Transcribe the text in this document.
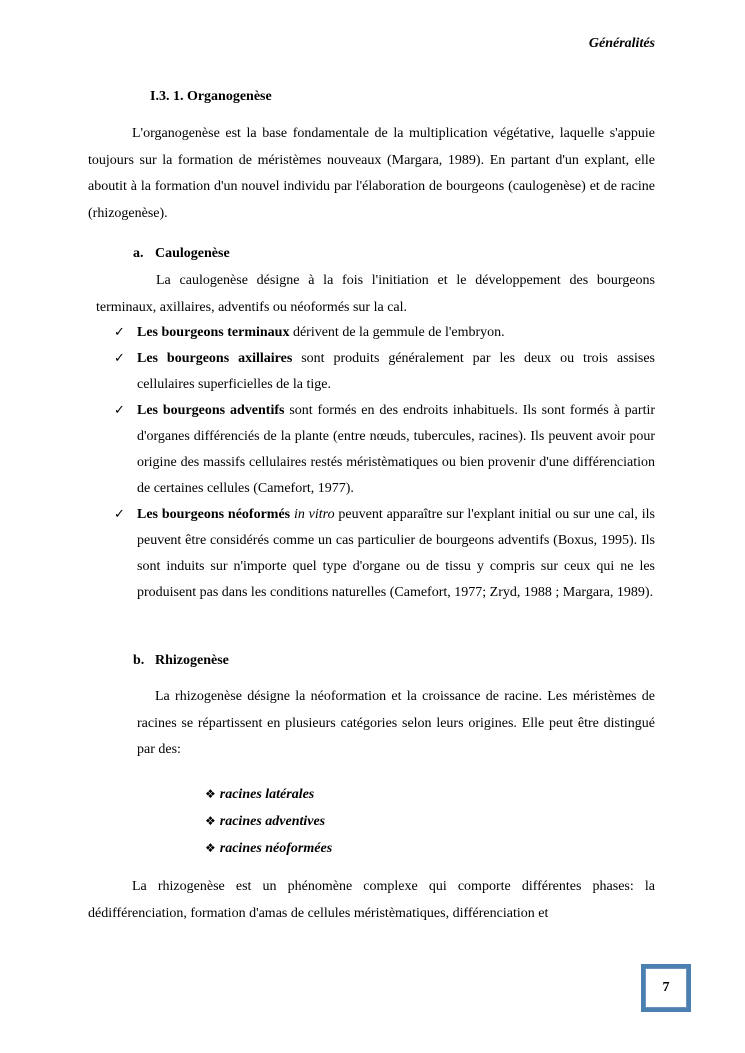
Généralités
I.3. 1. Organogenèse

L'organogenèse est la base fondamentale de la multiplication végétative, laquelle s'appuie toujours sur la formation de méristèmes nouveaux (Margara, 1989). En partant d'un explant, elle aboutit à la formation d'un nouvel individu par l'élaboration de bourgeons (caulogenèse) et de racine (rhizogenèse).

a. Caulogenèse

La caulogenèse désigne à la fois l'initiation et le développement des bourgeons terminaux, axillaires, adventifs ou néoformés sur la cal.

✓ Les bourgeons terminaux dérivent de la gemmule de l'embryon.
✓ Les bourgeons axillaires sont produits généralement par les deux ou trois assises cellulaires superficielles de la tige.
✓ Les bourgeons adventifs sont formés en des endroits inhabituels. Ils sont formés à partir d'organes différenciés de la plante (entre nœuds, tubercules, racines). Ils peuvent avoir pour origine des massifs cellulaires restés méristèmatiques ou bien provenir d'une différenciation de certaines cellules (Camefort, 1977).
✓ Les bourgeons néoformés in vitro peuvent apparaître sur l'explant initial ou sur une cal, ils peuvent être considérés comme un cas particulier de bourgeons adventifs (Boxus, 1995). Ils sont induits sur n'importe quel type d'organe ou de tissu y compris sur ceux qui ne les produisent pas dans les conditions naturelles (Camefort, 1977; Zryd, 1988 ; Margara, 1989).
b. Rhizogenèse

La rhizogenèse désigne la néoformation et la croissance de racine. Les méristèmes de racines se répartissent en plusieurs catégories selon leurs origines. Elle peut être distingué par des:

❖ racines latérales
❖ racines adventives
❖ racines néoformées

La rhizogenèse est un phénomène complexe qui comporte différentes phases: la dédifférenciation, formation d'amas de cellules méristèmatiques, différenciation et

7
